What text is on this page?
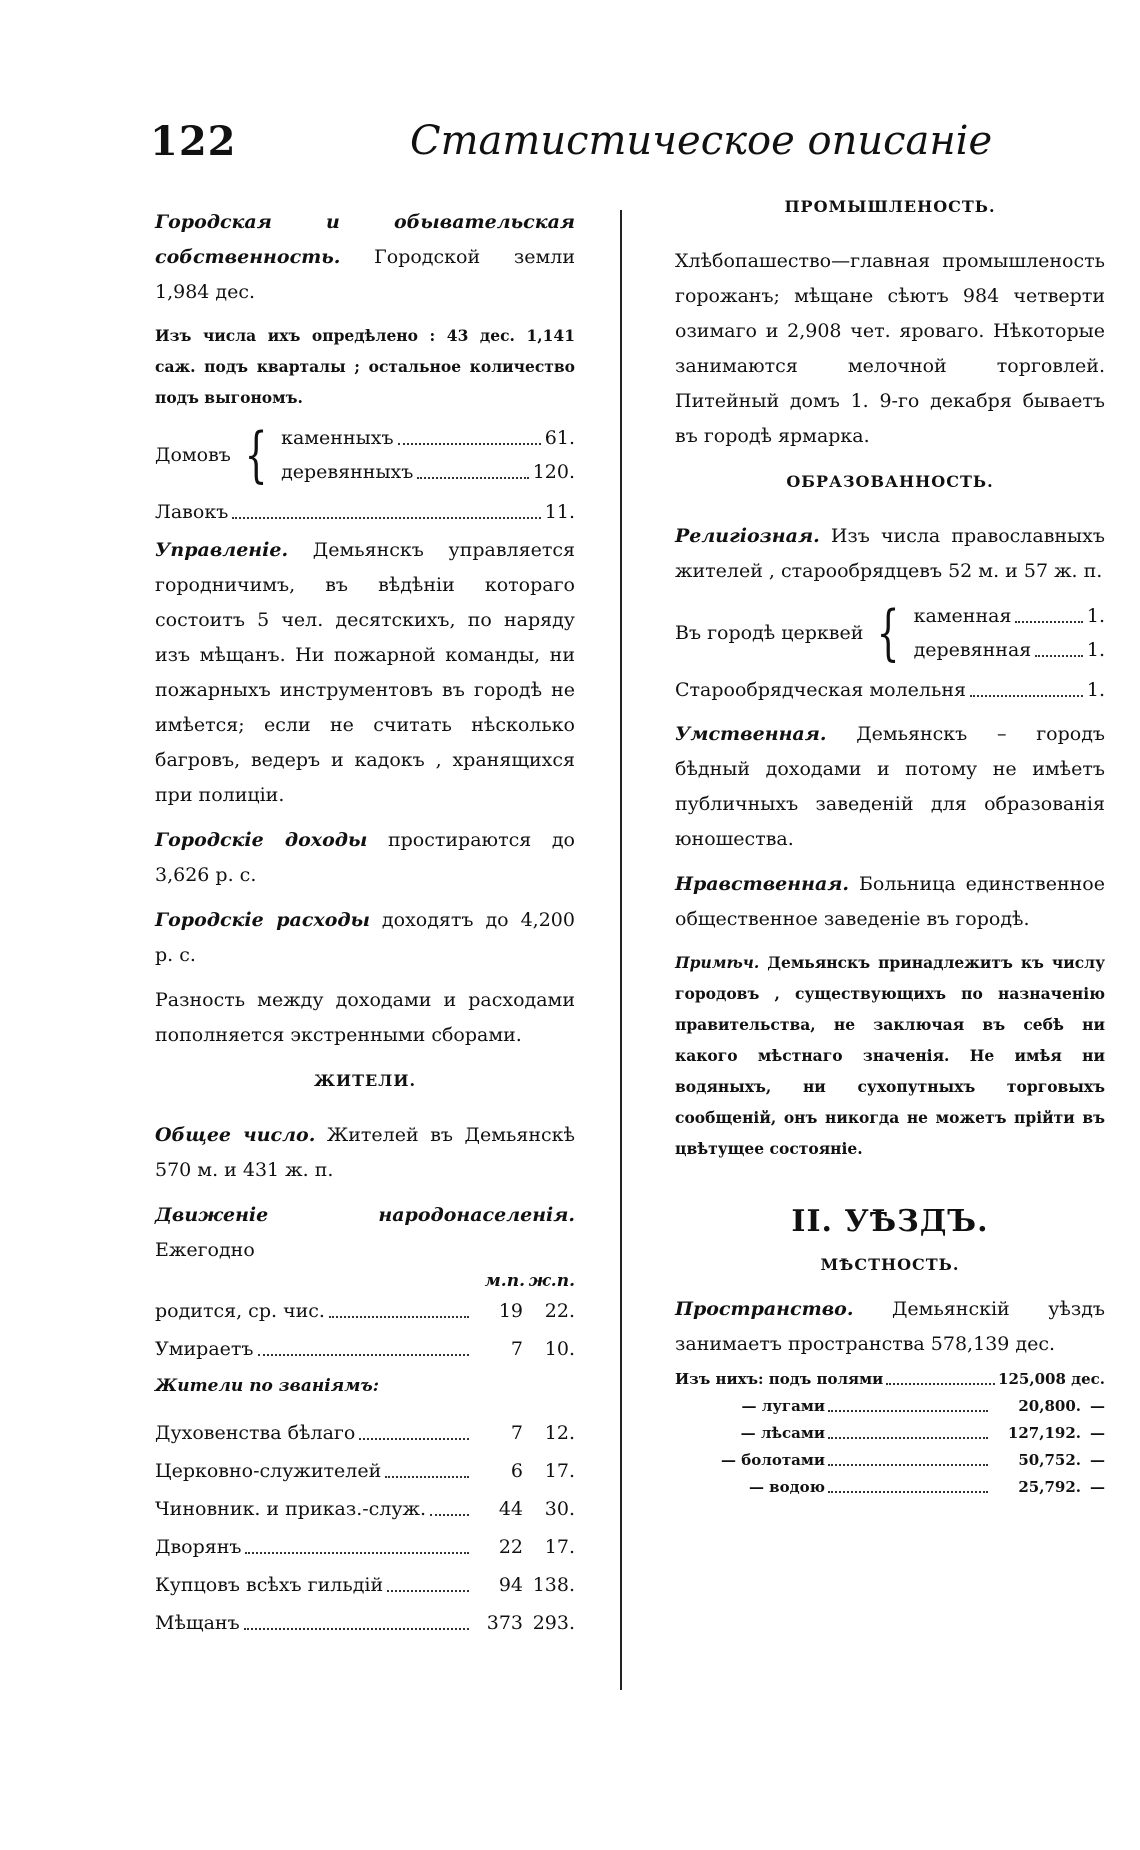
122	Статистическое описаніе

Городская и обывательская собственность. Городской земли 1,984 дес.

Изъ числа ихъ опредѣлено : 43 дес. 1,141 саж. подъ кварталы ; остальное количество подъ выгономъ.

Домовъ { каменныхъ	61.
деревянныхъ	120.
Лавокъ	11.

Управленіе. Демьянскъ управляется городничимъ, въ вѣдѣніи котораго состоитъ 5 чел. десятскихъ, по наряду изъ мѣщанъ. Ни пожарной команды, ни пожарныхъ инструментовъ въ городѣ не имѣется; если не считать нѣсколько багровъ, ведеръ и кадокъ , хранящихся при полиціи.

Городскіе доходы простираются до 3,626 р. с.

Городскіе расходы доходятъ до 4,200 р. с.

Разность между доходами и расходами пополняется экстренными сборами.

ЖИТЕЛИ.

Общее число. Жителей въ Демьянскѣ 570 м. и 431 ж. п.

Движеніе народонаселенія. Ежегодно

м.п. ж.п.
родится, ср. чис.	19	22.
Умираетъ	7	10.
Жители по званіямъ:
Духовенства бѣлаго	7	12.
Церковно-служителей	6	17.
Чиновник. и приказ.-служ.	44	30.
Дворянъ	22	17.
Купцовъ всѣхъ гильдій	94 138.
Мѣщанъ	373 293.
ПРОМЫШЛЕНОСТЬ.

Хлѣбопашество—главная промышленость горожанъ; мѣщане сѣютъ 984 четверти озимаго и 2,908 чет. яроваго. Нѣкоторые занимаются мелочной торговлей. Питейный домъ 1. 9-го декабря бываетъ въ городѣ ярмарка.

ОБРАЗОВАННОСТЬ.

Религіозная. Изъ числа православныхъ жителей , старообрядцевъ 52 м. и 57 ж. п.

Въ городѣ церквей { каменная	1.
деревянная	1.
Старообрядческая молельня	1.

Умственная. Демьянскъ – городъ бѣдный доходами и потому не имѣетъ публичныхъ заведеній для образованія юношества.

Нравственная. Больница единственное общественное заведеніе въ городѣ.

Примѣч. Демьянскъ принадлежитъ къ числу городовъ , существующихъ по назначенію правительства, не заключая въ себѣ ни какого мѣстнаго значенія. Не имѣя ни водяныхъ, ни сухопутныхъ торговыхъ сообщеній, онъ никогда не можетъ прійти въ цвѣтущее состояніе.

II. УѢЗДЪ.
МѢСТНОСТЬ.

Пространство. Демьянскій уѣздъ занимаетъ пространства 578,139 дес.

Изъ нихъ: подъ полями	125,008 дес.
— лугами	20,800. —
— лѣсами	127,192. —
— болотами	50,752. —
— водою	25,792. —
